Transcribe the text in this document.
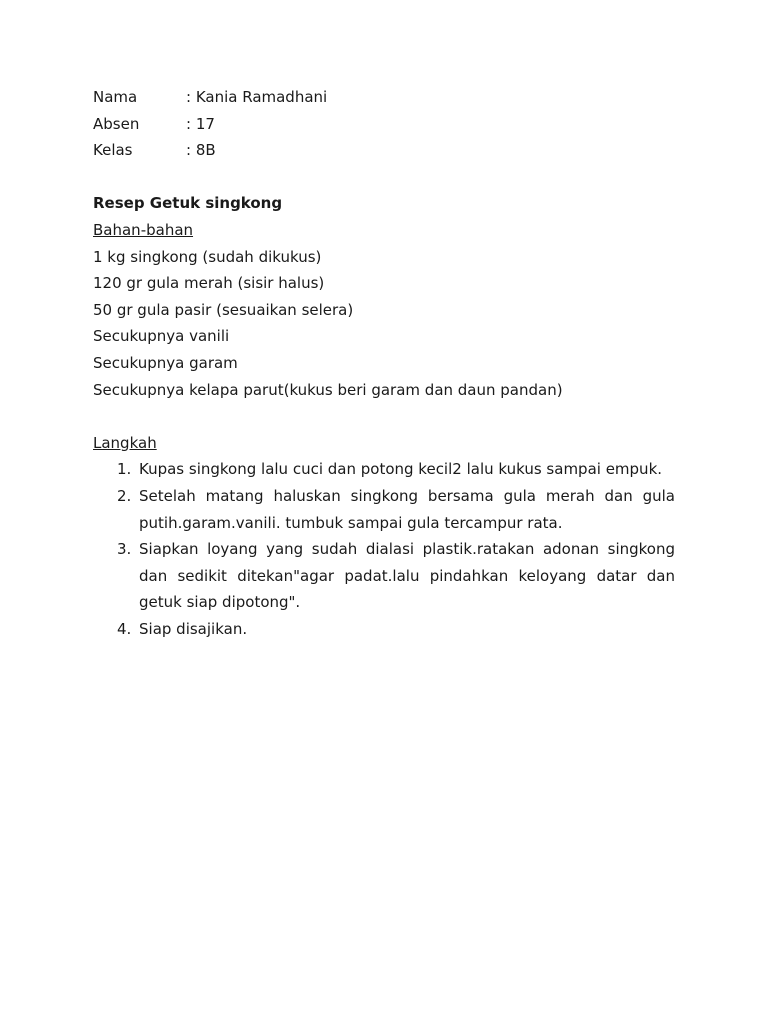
Nama	: Kania Ramadhani
Absen	: 17
Kelas	: 8B
Resep Getuk singkong
Bahan-bahan
1 kg singkong (sudah dikukus)
120 gr gula merah (sisir halus)
50 gr gula pasir (sesuaikan selera)
Secukupnya vanili
Secukupnya garam
Secukupnya kelapa parut(kukus beri garam dan daun pandan)
Langkah
1. Kupas singkong lalu cuci dan potong kecil2 lalu kukus sampai empuk.
2. Setelah matang haluskan singkong bersama gula merah dan gula putih.garam.vanili. tumbuk sampai gula tercampur rata.
3. Siapkan loyang yang sudah dialasi plastik.ratakan adonan singkong dan sedikit ditekan"agar padat.lalu pindahkan keloyang datar dan getuk siap dipotong".
4. Siap disajikan.
